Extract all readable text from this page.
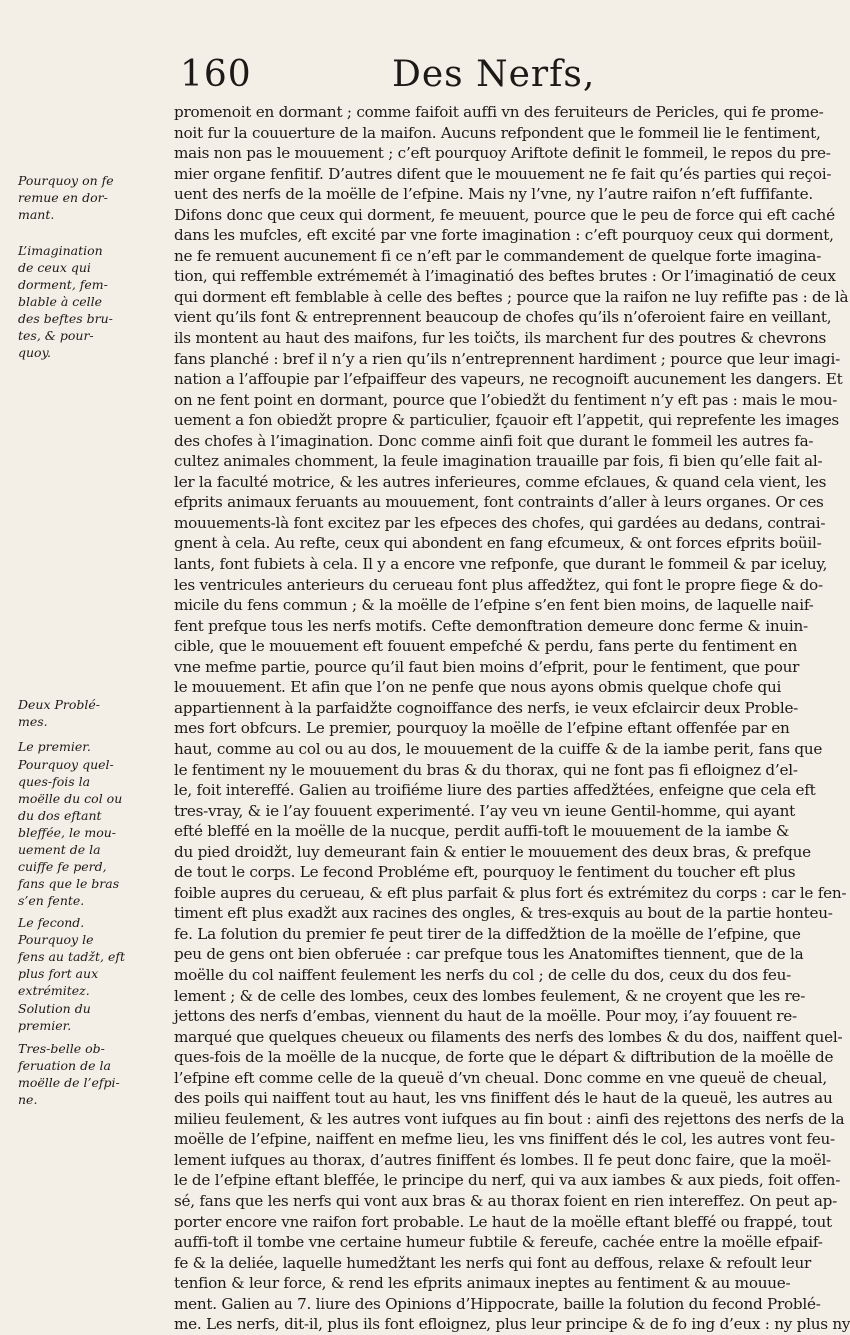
160	Des Nerfs,
promenoit en dormant ; comme faifoit auffi vn des feruiteurs de Pericles, qui fe prome-
noit fur la couuerture de la maifon. Aucuns refpondent que le fommeil lie le fentiment,
mais non pas le mouuement ; c’eft pourquoy Ariftote definit le fommeil, le repos du pre-
mier organe fenfitif. D’autres difent que le mouuement ne fe fait qu’és parties qui reçoi-
uent des nerfs de la moëlle de l’efpine. Mais ny l’vne, ny l’autre raifon n’eft fuffifante.
Difons donc que ceux qui dorment, fe meuuent, pource que le peu de force qui eft caché
dans les mufcles, eft excité par vne forte imagination : c’eft pourquoy ceux qui dorment,
ne fe remuent aucunement fi ce n’eft par le commandement de quelque forte imagina-
tion, qui reffemble extrémemét à l’imaginatió des beftes brutes : Or l’imaginatió de ceux
qui dorment eft femblable à celle des beftes ; pource que la raifon ne luy refifte pas : de là
vient qu’ils font & entreprennent beaucoup de chofes qu’ils n’oferoient faire en veillant,
ils montent au haut des maifons, fur les toičts, ils marchent fur des poutres & chevrons
fans planché : bref il n’y a rien qu’ils n’entreprennent hardiment ; pource que leur imagi-
nation a l’affoupie par l’efpaiffeur des vapeurs, ne recognoift aucunement les dangers. Et
on ne fent point en dormant, pource que l’obieǆt du fentiment n’y eft pas : mais le mou-
uement a fon obieǆt propre & particulier, fçauoir eft l’appetit, qui reprefente les images
des chofes à l’imagination. Donc comme ainfi foit que durant le fommeil les autres fa-
cultez animales chomment, la feule imagination trauaille par fois, fi bien qu’elle fait al-
ler la faculté motrice, & les autres inferieures, comme efclaues, & quand cela vient, les
efprits animaux feruants au mouuement, font contraints d’aller à leurs organes. Or ces
mouuements-là font excitez par les efpeces des chofes, qui gardées au dedans, contrai-
gnent à cela. Au refte, ceux qui abondent en fang efcumeux, & ont forces efprits boüil-
lants, font fubiets à cela. Il y a encore vne refponfe, que durant le fommeil & par iceluy,
les ventricules anterieurs du cerueau font plus affeǆtez, qui font le propre fiege & do-
micile du fens commun ; & la moëlle de l’efpine s’en fent bien moins, de laquelle naif-
fent prefque tous les nerfs motifs. Cefte demonftration demeure donc ferme & inuin-
cible, que le mouuement eft fouuent empefché & perdu, fans perte du fentiment en
vne mefme partie, pource qu’il faut bien moins d’efprit, pour le fentiment, que pour
le mouuement. Et afin que l’on ne penfe que nous ayons obmis quelque chofe qui
appartiennent à la parfaiǆte cognoiffance des nerfs, ie veux efclaircir deux Proble-
mes fort obfcurs. Le premier, pourquoy la moëlle de l’efpine eftant offenfée par en
haut, comme au col ou au dos, le mouuement de la cuiffe & de la iambe perit, fans que
le fentiment ny le mouuement du bras & du thorax, qui ne font pas fi efloignez d’el-
le, foit intereffé. Galien au troifiéme liure des parties affeǆtées, enfeigne que cela eft
tres-vray, & ie l’ay fouuent experimenté. I’ay veu vn ieune Gentil-homme, qui ayant
efté bleffé en la moëlle de la nucque, perdit auffi-toft le mouuement de la iambe &
du pied droiǆt, luy demeurant fain & entier le mouuement des deux bras, & prefque
de tout le corps. Le fecond Probléme eft, pourquoy le fentiment du toucher eft plus
foible aupres du cerueau, & eft plus parfait & plus fort és extrémitez du corps : car le fen-
timent eft plus exaǆt aux racines des ongles, & tres-exquis au bout de la partie honteu-
fe. La folution du premier fe peut tirer de la diffeǆtion de la moëlle de l’efpine, que
peu de gens ont bien obferuée : car prefque tous les Anatomiftes tiennent, que de la
moëlle du col naiffent feulement les nerfs du col ; de celle du dos, ceux du dos feu-
lement ; & de celle des lombes, ceux des lombes feulement, & ne croyent que les re-
jettons des nerfs d’embas, viennent du haut de la moëlle. Pour moy, i’ay fouuent re-
marqué que quelques cheueux ou filaments des nerfs des lombes & du dos, naiffent quel-
ques-fois de la moëlle de la nucque, de forte que le départ & diftribution de la moëlle de
l’efpine eft comme celle de la queuë d’vn cheual. Donc comme en vne queuë de cheual,
des poils qui naiffent tout au haut, les vns finiffent dés le haut de la queuë, les autres au
milieu feulement, & les autres vont iufques au fin bout : ainfi des rejettons des nerfs de la
moëlle de l’efpine, naiffent en mefme lieu, les vns finiffent dés le col, les autres vont feu-
lement iufques au thorax, d’autres finiffent és lombes. Il fe peut donc faire, que la moël-
le de l’efpine eftant bleffée, le principe du nerf, qui va aux iambes & aux pieds, foit offen-
sé, fans que les nerfs qui vont aux bras & au thorax foient en rien intereffez. On peut ap-
porter encore vne raifon fort probable. Le haut de la moëlle eftant bleffé ou frappé, tout
auffi-toft il tombe vne certaine humeur fubtile & fereufe, cachée entre la moëlle efpaif-
fe & la deliée, laquelle humeǆtant les nerfs qui font au deffous, relaxe & refoult leur
tenfion & leur force, & rend les efprits animaux ineptes au fentiment & au mouue-
ment. Galien au 7. liure des Opinions d’Hippocrate, baille la folution du fecond Problé-
me. Les nerfs, dit-il, plus ils font efloignez, plus leur principe & de fo ing d’eux : ny plus ny
Pourquoy on fe
remue en dor-
mant.
L’imagination
de ceux qui
dorment, fem-
blable à celle
des beftes bru-
tes, & pour-
quoy.
Deux Problé-
mes.
Le premier.
Pourquoy quel-
ques-fois la
moëlle du col ou
du dos eftant
bleffée, le mou-
uement de la
cuiffe fe perd,
fans que le bras
s’en fente.
Le fecond.
Pourquoy le
fens au taǆt, eft
plus fort aux
extrémitez.
Solution du
premier.
Tres-belle ob-
feruation de la
moëlle de l’efpi-
ne.
